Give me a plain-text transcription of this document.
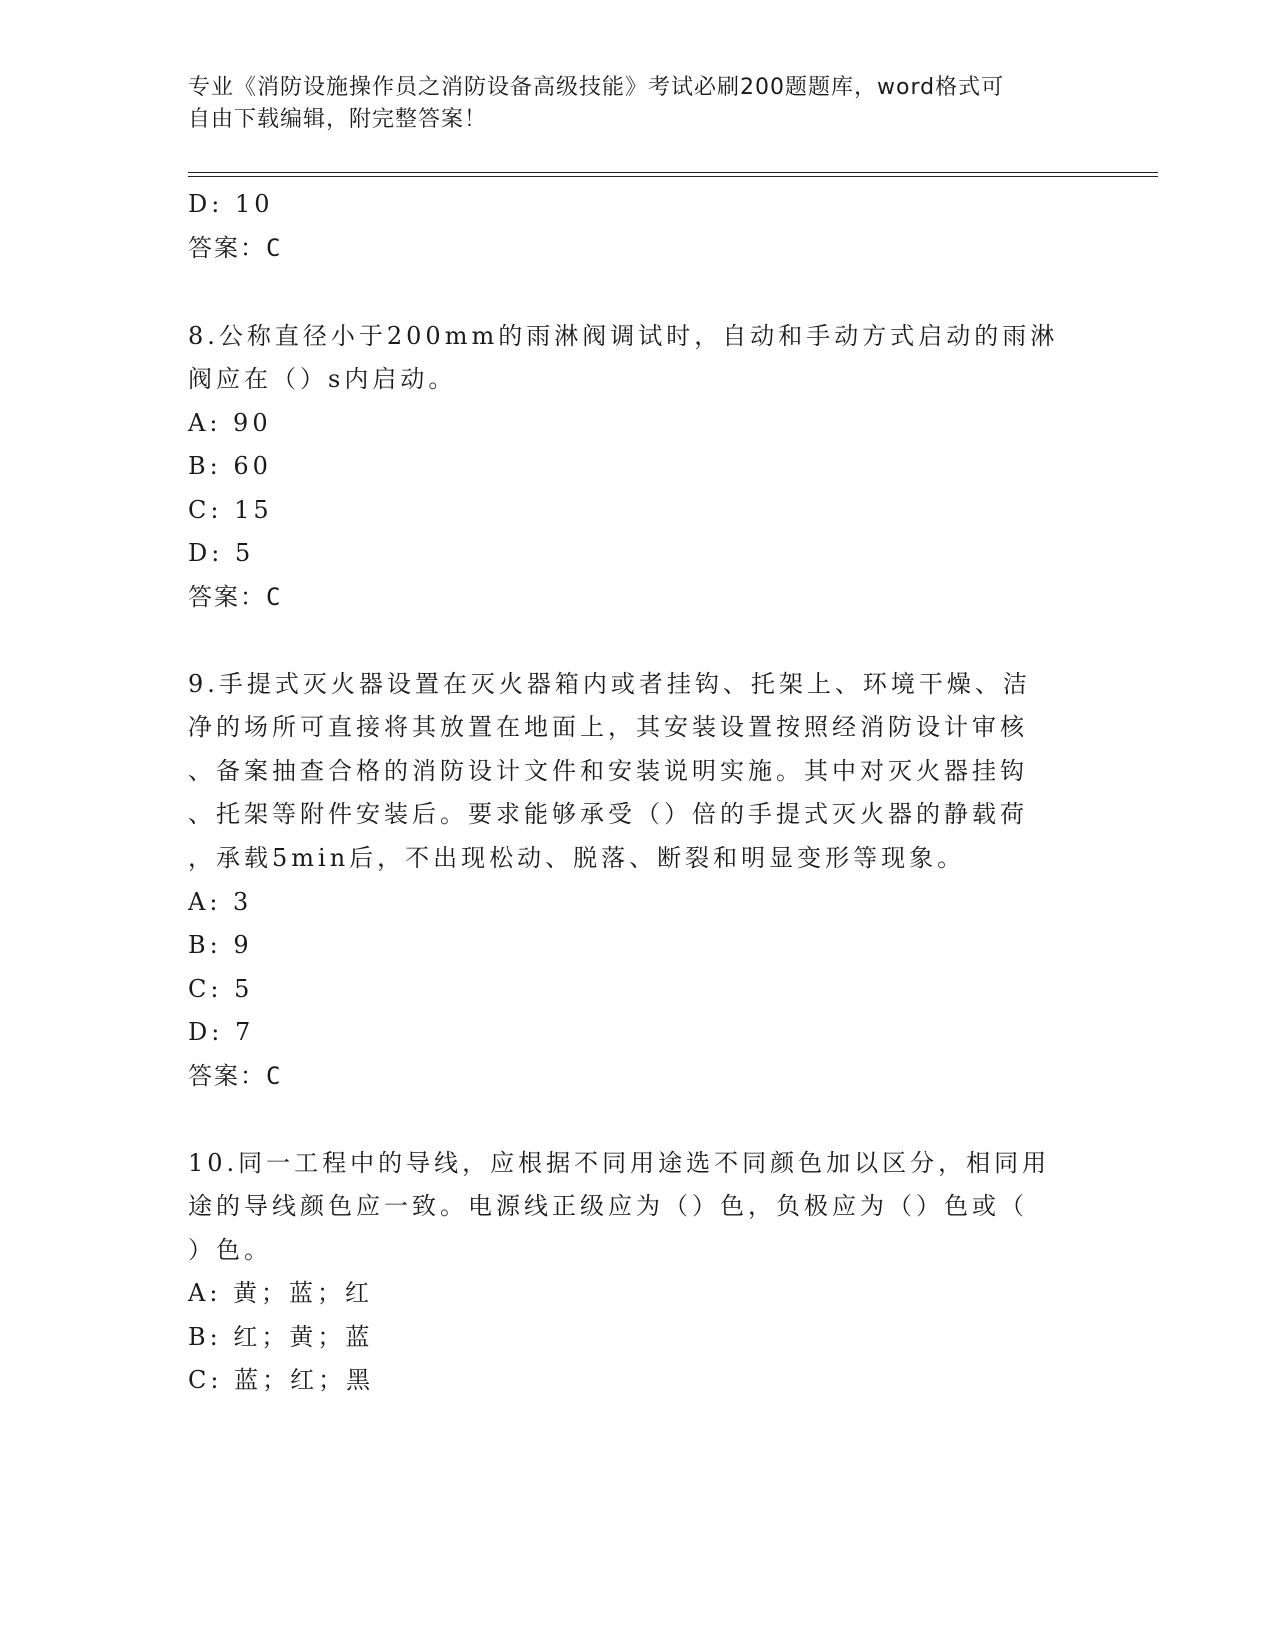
专业《消防设施操作员之消防设备高级技能》考试必刷200题题库，word格式可
自由下载编辑，附完整答案！
D: 10
答案：C
8.公称直径小于200mm的雨淋阀调试时，自动和手动方式启动的雨淋
阀应在（）s内启动。
A: 90
B: 60
C: 15
D: 5
答案：C
9.手提式灭火器设置在灭火器箱内或者挂钩、托架上、环境干燥、洁
净的场所可直接将其放置在地面上，其安装设置按照经消防设计审核
、备案抽查合格的消防设计文件和安装说明实施。其中对灭火器挂钩
、托架等附件安装后。要求能够承受（）倍的手提式灭火器的静载荷
，承载5min后，不出现松动、脱落、断裂和明显变形等现象。
A: 3
B: 9
C: 5
D: 7
答案：C
10.同一工程中的导线，应根据不同用途选不同颜色加以区分，相同用
途的导线颜色应一致。电源线正级应为（）色，负极应为（）色或（
）色。
A: 黄；蓝；红
B: 红；黄；蓝
C: 蓝；红；黑
